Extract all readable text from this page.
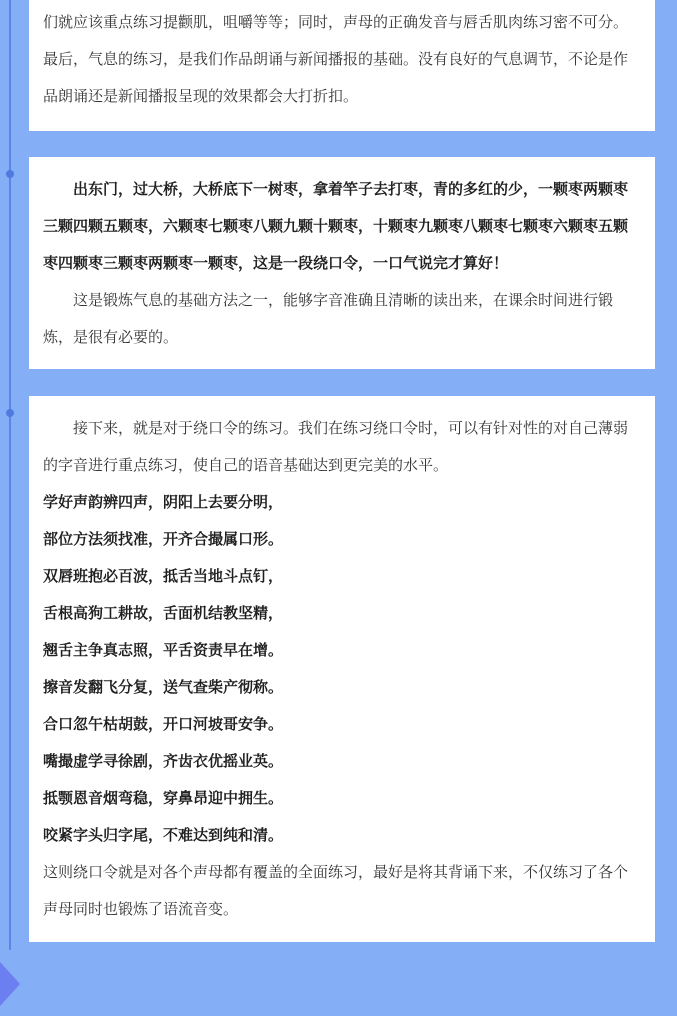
们就应该重点练习提颧肌，咀嚼等等；同时，声母的正确发音与唇舌肌肉练习密不可分。最后，气息的练习，是我们作品朗诵与新闻播报的基础。没有良好的气息调节，不论是作品朗诵还是新闻播报呈现的效果都会大打折扣。

出东门，过大桥，大桥底下一树枣，拿着竿子去打枣，青的多红的少，一颗枣两颗枣三颗四颗五颗枣，六颗枣七颗枣八颗九颗十颗枣，十颗枣九颗枣八颗枣七颗枣六颗枣五颗枣四颗枣三颗枣两颗枣一颗枣，这是一段绕口令，一口气说完才算好！

这是锻炼气息的基础方法之一，能够字音准确且清晰的读出来，在课余时间进行锻炼，是很有必要的。

接下来，就是对于绕口令的练习。我们在练习绕口令时，可以有针对性的对自己薄弱的字音进行重点练习，使自己的语音基础达到更完美的水平。

学好声韵辨四声，阴阳上去要分明，

部位方法须找准，开齐合撮属口形。

双唇班抱必百波，抵舌当地斗点钉，

舌根高狗工耕故，舌面机结教坚精，

翘舌主争真志照，平舌资责早在增。

擦音发翻飞分复，送气查柴产彻称。

合口忽午枯胡鼓，开口河坡哥安争。

嘴撮虚学寻徐剧，齐齿衣优摇业英。

抵颚恩音烟弯稳，穿鼻昂迎中拥生。

咬紧字头归字尾，不难达到纯和清。

这则绕口令就是对各个声母都有覆盖的全面练习，最好是将其背诵下来，不仅练习了各个声母同时也锻炼了语流音变。
